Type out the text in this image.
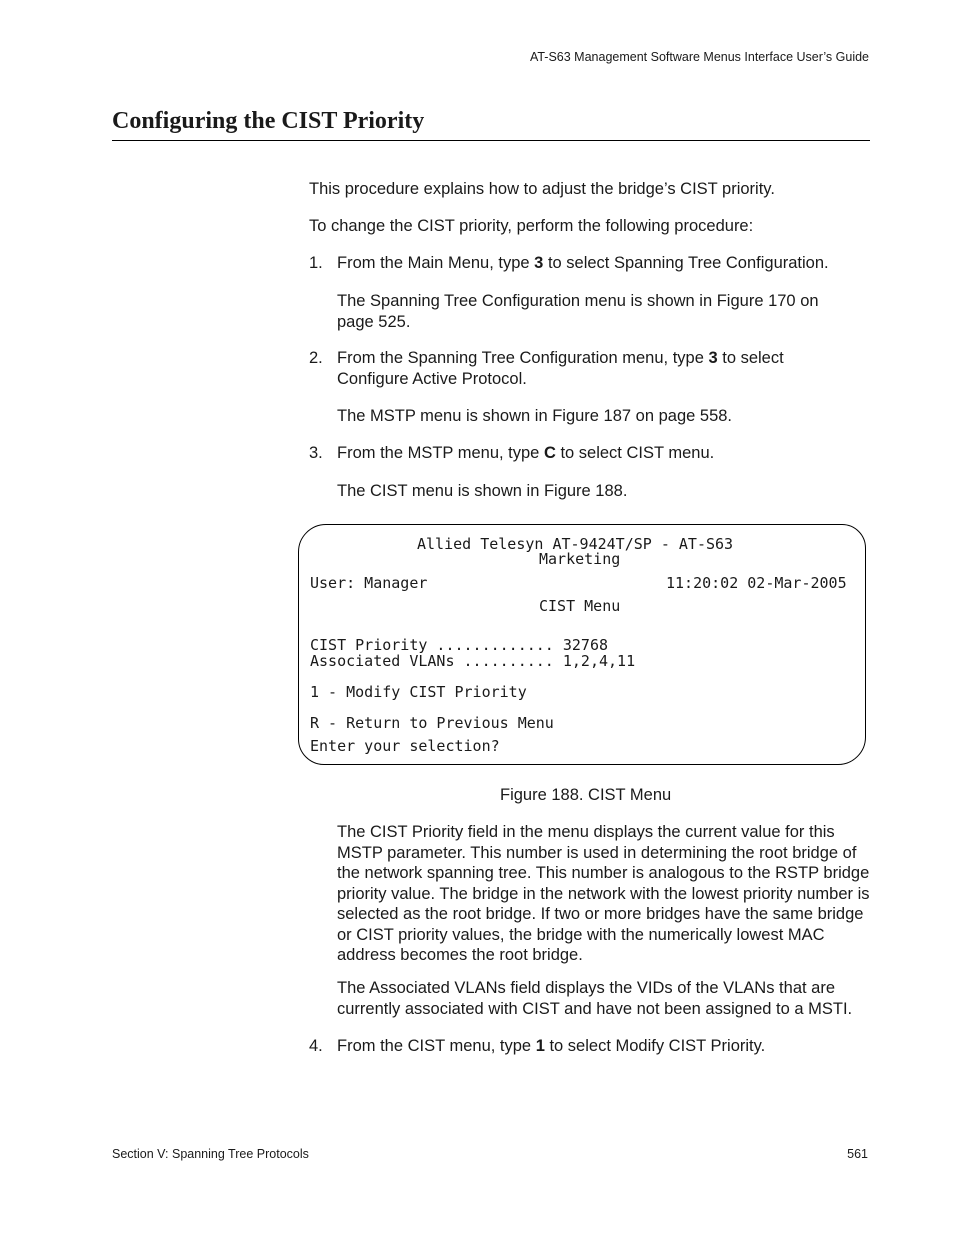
AT-S63 Management Software Menus Interface User’s Guide
Configuring the CIST Priority

This procedure explains how to adjust the bridge’s CIST priority.

To change the CIST priority, perform the following procedure:

1. From the Main Menu, type 3 to select Spanning Tree Configuration.

The Spanning Tree Configuration menu is shown in Figure 170 on page 525.

2. From the Spanning Tree Configuration menu, type 3 to select Configure Active Protocol.

The MSTP menu is shown in Figure 187 on page 558.

3. From the MSTP menu, type C to select CIST menu.

The CIST menu is shown in Figure 188.

Allied Telesyn AT-9424T/SP - AT-S63
Marketing
User: Manager	11:20:02 02-Mar-2005
CIST Menu
CIST Priority ............. 32768
Associated VLANs .......... 1,2,4,11
1 - Modify CIST Priority
R - Return to Previous Menu
Enter your selection?
Figure 188. CIST Menu

The CIST Priority field in the menu displays the current value for this MSTP parameter. This number is used in determining the root bridge of the network spanning tree. This number is analogous to the RSTP bridge priority value. The bridge in the network with the lowest priority number is selected as the root bridge. If two or more bridges have the same bridge or CIST priority values, the bridge with the numerically lowest MAC address becomes the root bridge.

The Associated VLANs field displays the VIDs of the VLANs that are currently associated with CIST and have not been assigned to a MSTI.

4. From the CIST menu, type 1 to select Modify CIST Priority.

Section V: Spanning Tree Protocols	561
